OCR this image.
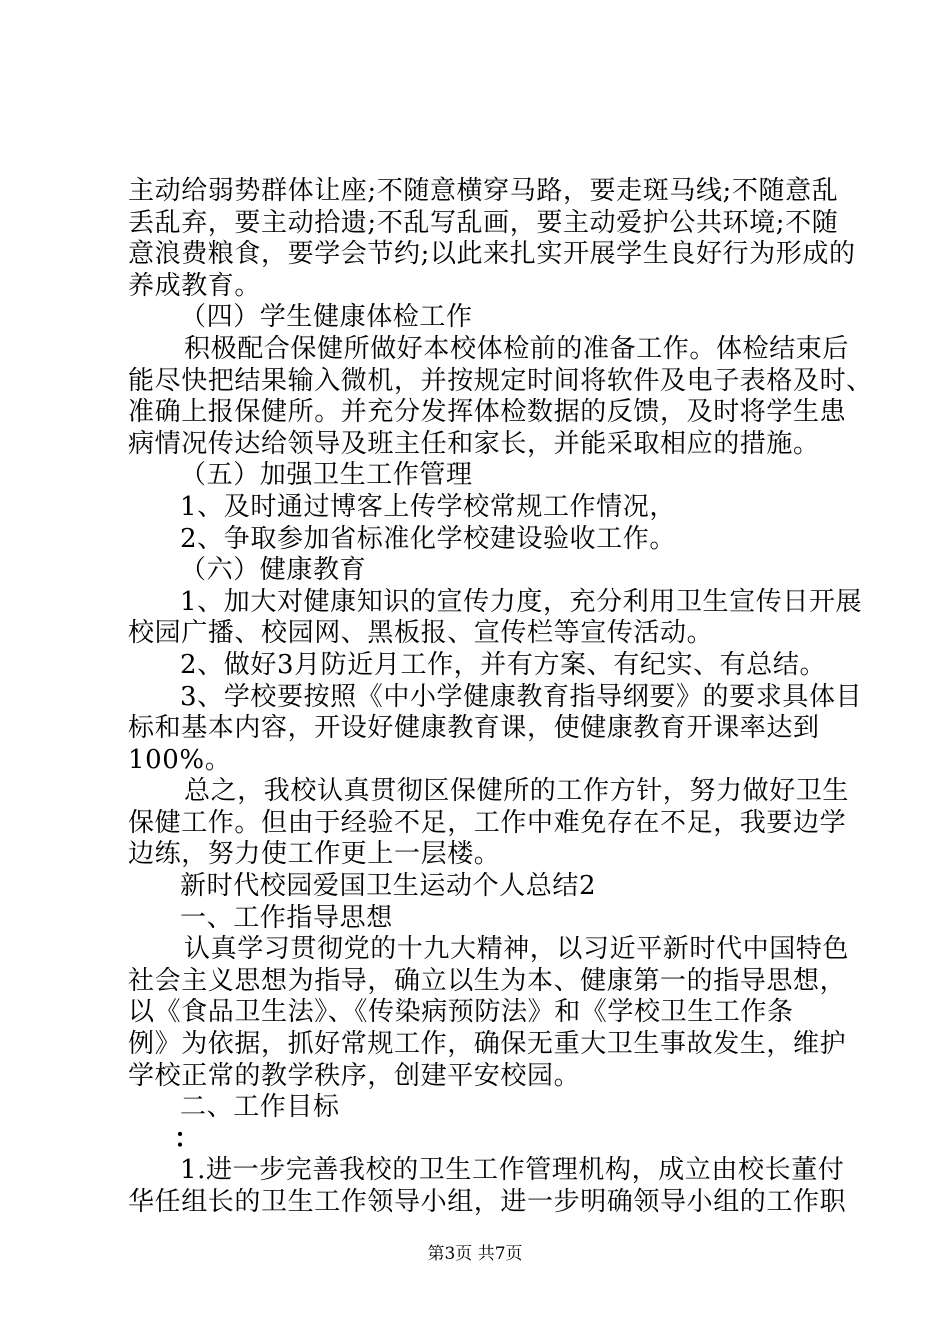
主动给弱势群体让座;不随意横穿马路，要走斑马线;不随意乱
丢乱弃，要主动拾遗;不乱写乱画，要主动爱护公共环境;不随
意浪费粮食，要学会节约;以此来扎实开展学生良好行为形成的
养成教育。
（四）学生健康体检工作
积极配合保健所做好本校体检前的准备工作。体检结束后
能尽快把结果输入微机，并按规定时间将软件及电子表格及时、
准确上报保健所。并充分发挥体检数据的反馈，及时将学生患
病情况传达给领导及班主任和家长，并能采取相应的措施。
（五）加强卫生工作管理
1、及时通过博客上传学校常规工作情况，
2、争取参加省标准化学校建设验收工作。
（六）健康教育
1、加大对健康知识的宣传力度，充分利用卫生宣传日开展
校园广播、校园网、黑板报、宣传栏等宣传活动。
2、做好3月防近月工作，并有方案、有纪实、有总结。
3、学校要按照《中小学健康教育指导纲要》的要求具体目
标和基本内容，开设好健康教育课，使健康教育开课率达到
100%。
总之，我校认真贯彻区保健所的工作方针，努力做好卫生
保健工作。但由于经验不足，工作中难免存在不足，我要边学
边练，努力使工作更上一层楼。
新时代校园爱国卫生运动个人总结2
一、工作指导思想
认真学习贯彻党的十九大精神，以习近平新时代中国特色
社会主义思想为指导，确立以生为本、健康第一的指导思想，
以《食品卫生法》、《传染病预防法》和《学校卫生工作条
例》为依据，抓好常规工作，确保无重大卫生事故发生，维护
学校正常的教学秩序，创建平安校园。
二、工作目标
：
1.进一步完善我校的卫生工作管理机构，成立由校长董付
华任组长的卫生工作领导小组，进一步明确领导小组的工作职
第3页 共7页
